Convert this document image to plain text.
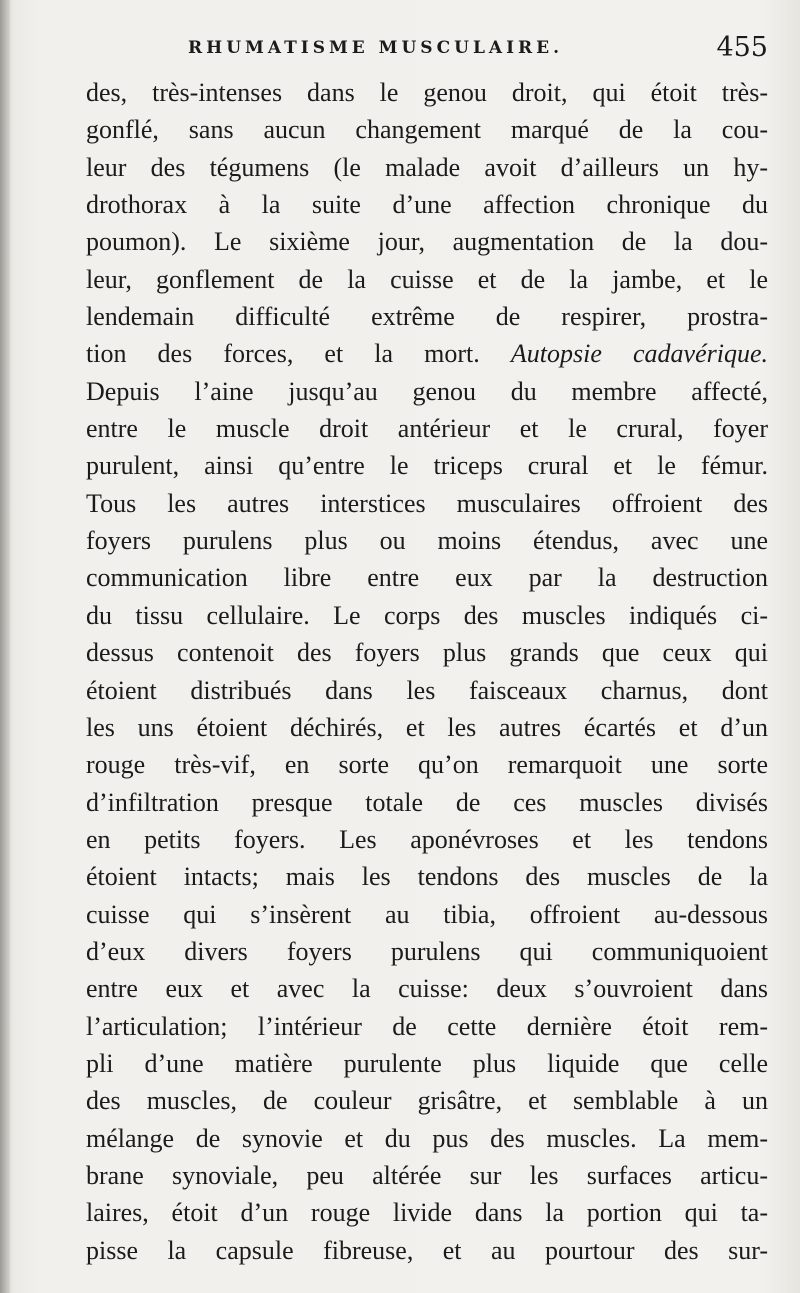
RHUMATISME MUSCULAIRE.	455
des, très-intenses dans le genou droit, qui étoit très-
gonflé, sans aucun changement marqué de la cou-
leur des tégumens (le malade avoit d’ailleurs un hy-
drothorax à la suite d’une affection chronique du
poumon). Le sixième jour, augmentation de la dou-
leur, gonflement de la cuisse et de la jambe, et le
lendemain difficulté extrême de respirer, prostra-
tion des forces, et la mort. Autopsie cadavérique.
Depuis l’aine jusqu’au genou du membre affecté,
entre le muscle droit antérieur et le crural, foyer
purulent, ainsi qu’entre le triceps crural et le fémur.
Tous les autres interstices musculaires offroient des
foyers purulens plus ou moins étendus, avec une
communication libre entre eux par la destruction
du tissu cellulaire. Le corps des muscles indiqués ci-
dessus contenoit des foyers plus grands que ceux qui
étoient distribués dans les faisceaux charnus, dont
les uns étoient déchirés, et les autres écartés et d’un
rouge très-vif, en sorte qu’on remarquoit une sorte
d’infiltration presque totale de ces muscles divisés
en petits foyers. Les aponévroses et les tendons
étoient intacts; mais les tendons des muscles de la
cuisse qui s’insèrent au tibia, offroient au-dessous
d’eux divers foyers purulens qui communiquoient
entre eux et avec la cuisse: deux s’ouvroient dans
l’articulation; l’intérieur de cette dernière étoit rem-
pli d’une matière purulente plus liquide que celle
des muscles, de couleur grisâtre, et semblable à un
mélange de synovie et du pus des muscles. La mem-
brane synoviale, peu altérée sur les surfaces articu-
laires, étoit d’un rouge livide dans la portion qui ta-
pisse la capsule fibreuse, et au pourtour des sur-
